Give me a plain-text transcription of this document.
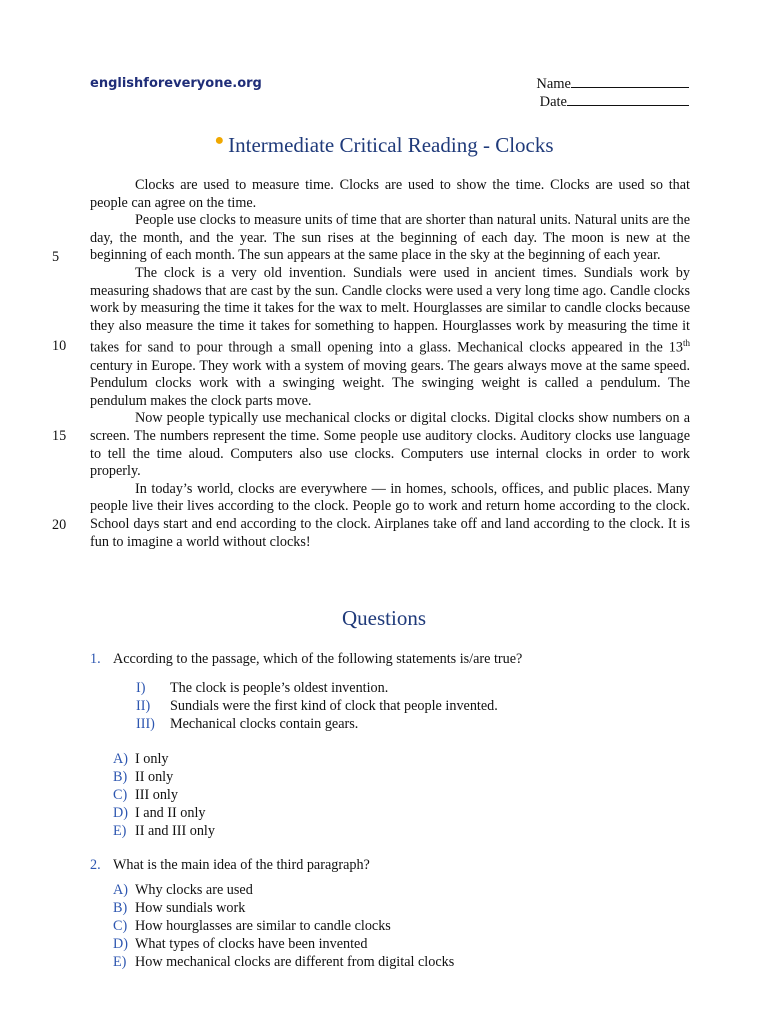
englishforeveryone.org	Name
Date
● Intermediate Critical Reading - Clocks

Clocks are used to measure time. Clocks are used to show the time. Clocks are used so that people can agree on the time.

People use clocks to measure units of time that are shorter than natural units. Natural units are the day, the month, and the year. The sun rises at the beginning of each day. The moon is new at the beginning of each month. The sun appears at the same place in the sky at the beginning of each year.

The clock is a very old invention. Sundials were used in ancient times. Sundials work by measuring shadows that are cast by the sun. Candle clocks were used a very long time ago. Candle clocks work by measuring the time it takes for the wax to melt. Hourglasses are similar to candle clocks because they also measure the time it takes for something to happen. Hourglasses work by measuring the time it takes for sand to pour through a small opening into a glass. Mechanical clocks appeared in the 13th century in Europe. They work with a system of moving gears. The gears always move at the same speed. Pendulum clocks work with a swinging weight. The swinging weight is called a pendulum. The pendulum makes the clock parts move.

Now people typically use mechanical clocks or digital clocks. Digital clocks show numbers on a screen. The numbers represent the time. Some people use auditory clocks. Auditory clocks use language to tell the time aloud. Computers also use clocks. Computers use internal clocks in order to work properly.

In today’s world, clocks are everywhere — in homes, schools, offices, and public places. Many people live their lives according to the clock. People go to work and return home according to the clock. School days start and end according to the clock. Airplanes take off and land according to the clock. It is fun to imagine a world without clocks!

5
10
15
20
Questions
1. According to the passage, which of the following statements is/are true?
I) The clock is people’s oldest invention.
II) Sundials were the first kind of clock that people invented.
III) Mechanical clocks contain gears.
A) I only
B) II only
C) III only
D) I and II only
E) II and III only
2. What is the main idea of the third paragraph?
A) Why clocks are used
B) How sundials work
C) How hourglasses are similar to candle clocks
D) What types of clocks have been invented
E) How mechanical clocks are different from digital clocks
